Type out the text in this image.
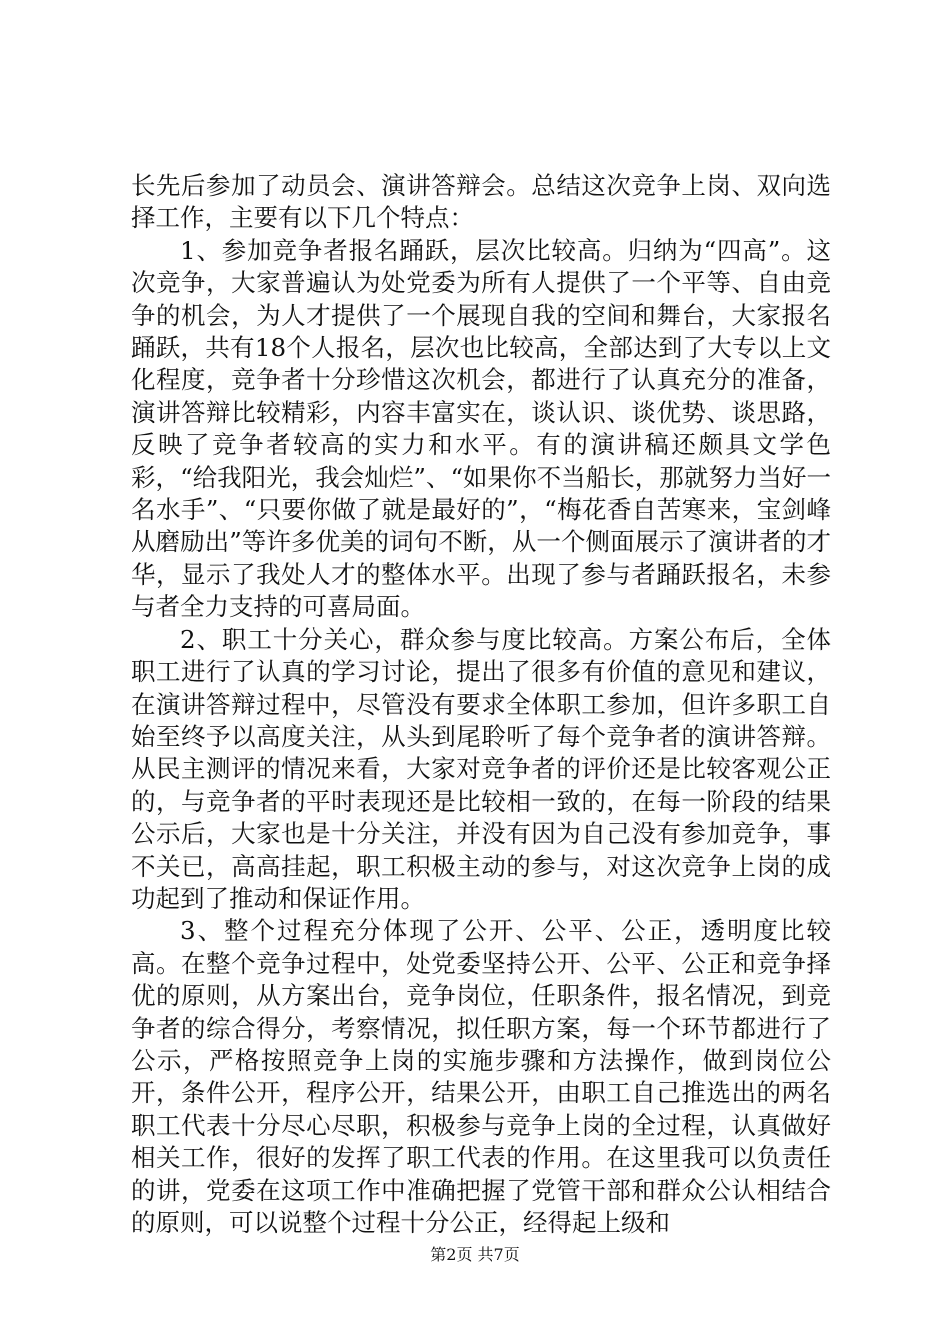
长先后参加了动员会、演讲答辩会。总结这次竞争上岗、双向选择工作，主要有以下几个特点：

1、参加竞争者报名踊跃，层次比较高。归纳为“四高”。这次竞争，大家普遍认为处党委为所有人提供了一个平等、自由竞争的机会，为人才提供了一个展现自我的空间和舞台，大家报名踊跃，共有18个人报名，层次也比较高，全部达到了大专以上文化程度，竞争者十分珍惜这次机会，都进行了认真充分的准备，演讲答辩比较精彩，内容丰富实在，谈认识、谈优势、谈思路，反映了竞争者较高的实力和水平。有的演讲稿还颇具文学色彩，“给我阳光，我会灿烂”、“如果你不当船长，那就努力当好一名水手”、“只要你做了就是最好的”，“梅花香自苦寒来，宝剑峰从磨励出”等许多优美的词句不断，从一个侧面展示了演讲者的才华，显示了我处人才的整体水平。出现了参与者踊跃报名，未参与者全力支持的可喜局面。

2、职工十分关心，群众参与度比较高。方案公布后，全体职工进行了认真的学习讨论，提出了很多有价值的意见和建议，在演讲答辩过程中，尽管没有要求全体职工参加，但许多职工自始至终予以高度关注，从头到尾聆听了每个竞争者的演讲答辩。从民主测评的情况来看，大家对竞争者的评价还是比较客观公正的，与竞争者的平时表现还是比较相一致的，在每一阶段的结果公示后，大家也是十分关注，并没有因为自己没有参加竞争，事不关已，高高挂起，职工积极主动的参与，对这次竞争上岗的成功起到了推动和保证作用。

3、整个过程充分体现了公开、公平、公正，透明度比较高。在整个竞争过程中，处党委坚持公开、公平、公正和竞争择优的原则，从方案出台，竞争岗位，任职条件，报名情况，到竞争者的综合得分，考察情况，拟任职方案，每一个环节都进行了公示，严格按照竞争上岗的实施步骤和方法操作，做到岗位公开，条件公开，程序公开，结果公开，由职工自己推选出的两名职工代表十分尽心尽职，积极参与竞争上岗的全过程，认真做好相关工作，很好的发挥了职工代表的作用。在这里我可以负责任的讲，党委在这项工作中准确把握了党管干部和群众公认相结合的原则，可以说整个过程十分公正，经得起上级和

第2页 共7页
